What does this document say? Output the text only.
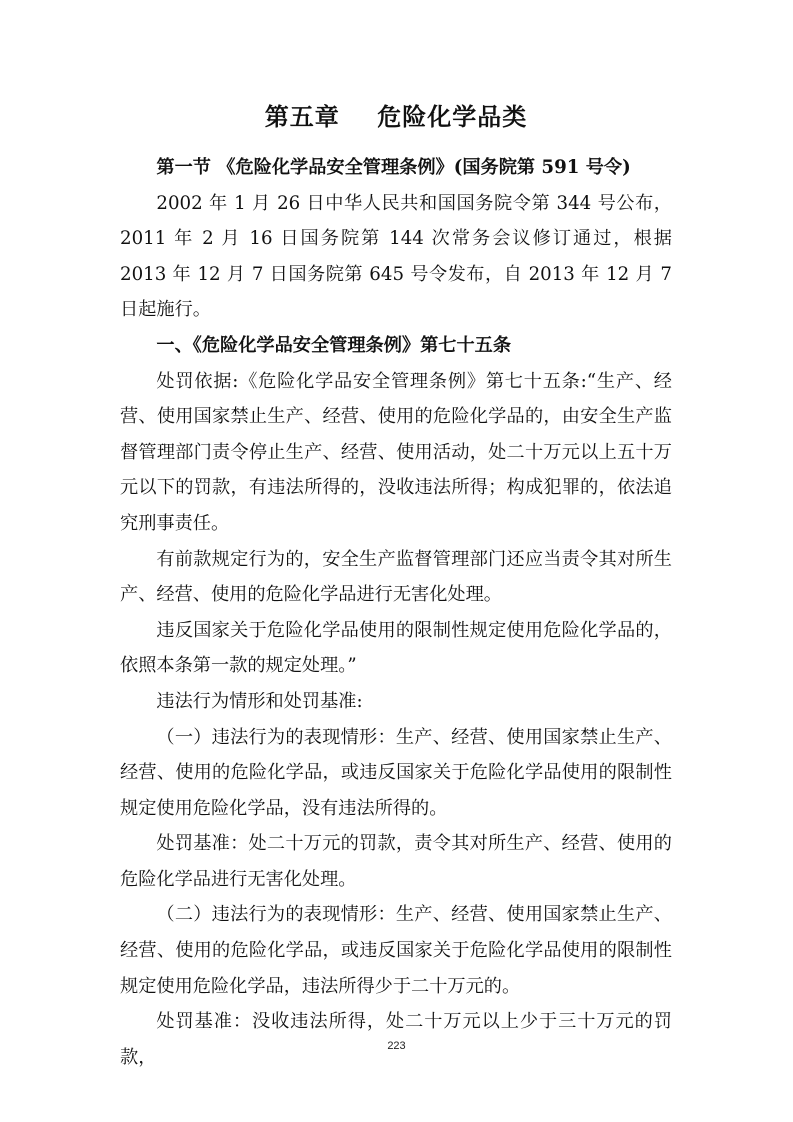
第五章    危险化学品类

第一节 《危险化学品安全管理条例》(国务院第 591 号令)

2002 年 1 月 26 日中华人民共和国国务院令第 344 号公布，2011 年 2 月 16 日国务院第 144 次常务会议修订通过，根据 2013 年 12 月 7 日国务院第 645 号令发布，自 2013 年 12 月 7 日起施行。

一、《危险化学品安全管理条例》第七十五条

处罚依据:《危险化学品安全管理条例》第七十五条:“生产、经营、使用国家禁止生产、经营、使用的危险化学品的，由安全生产监督管理部门责令停止生产、经营、使用活动，处二十万元以上五十万元以下的罚款，有违法所得的，没收违法所得；构成犯罪的，依法追究刑事责任。

有前款规定行为的，安全生产监督管理部门还应当责令其对所生产、经营、使用的危险化学品进行无害化处理。

违反国家关于危险化学品使用的限制性规定使用危险化学品的，依照本条第一款的规定处理。”

违法行为情形和处罚基准:

（一）违法行为的表现情形：生产、经营、使用国家禁止生产、经营、使用的危险化学品，或违反国家关于危险化学品使用的限制性规定使用危险化学品，没有违法所得的。

处罚基准：处二十万元的罚款，责令其对所生产、经营、使用的危险化学品进行无害化处理。

（二）违法行为的表现情形：生产、经营、使用国家禁止生产、经营、使用的危险化学品，或违反国家关于危险化学品使用的限制性规定使用危险化学品，违法所得少于二十万元的。

处罚基准：没收违法所得，处二十万元以上少于三十万元的罚款，

223
